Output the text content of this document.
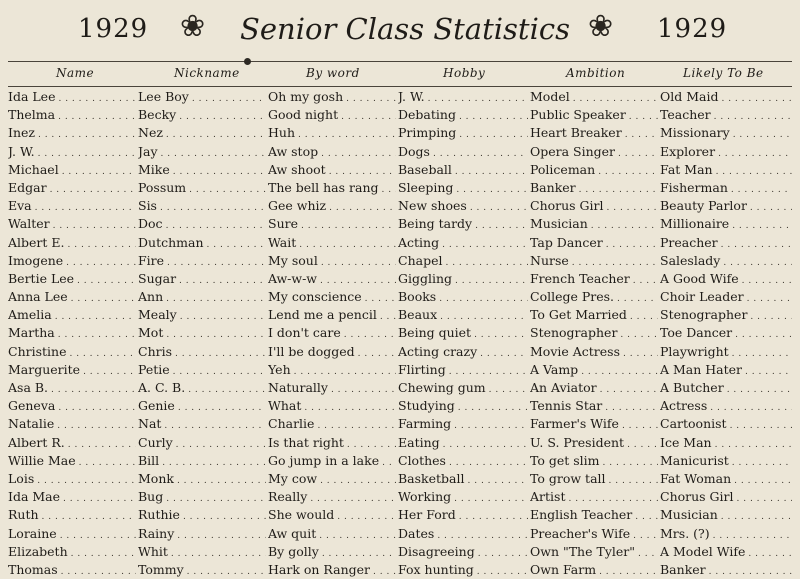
1929 ❀ Senior Class Statistics ❀ 1929
Name	Nickname	By word	Hobby	Ambition	Likely To Be
Ida Lee . . .	Lee Boy . . .	Oh my gosh . . .	J. W. . . .	Model . . .	Old Maid . . .
Thelma . . .	Becky . . .	Good night . . .	Debating . . .	Public Speaker . . .	Teacher . . .
Inez . . .	Nez . . .	Huh . . .	Primping . . .	Heart Breaker . . .	Missionary . . .
J. W. . . .	Jay . . .	Aw stop . . .	Dogs . . .	Opera Singer . . .	Explorer . . .
Michael . . .	Mike . . .	Aw shoot . . .	Baseball . . .	Policeman . . .	Fat Man . . .
Edgar . . .	Possum . . .	The bell has rang . . .	Sleeping . . .	Banker . . .	Fisherman . . .
Eva . . .	Sis . . .	Gee whiz . . .	New shoes . . .	Chorus Girl . . .	Beauty Parlor . . .
Walter . . .	Doc . . .	Sure . . .	Being tardy . . .	Musician . . .	Millionaire . . .
Albert E. . . .	Dutchman . . .	Wait . . .	Acting . . .	Tap Dancer . . .	Preacher . . .
Imogene . . .	Fire . . .	My soul . . .	Chapel . . .	Nurse . . .	Saleslady . . .
Bertie Lee . . .	Sugar . . .	Aw-w-w . . .	Giggling . . .	French Teacher . . .	A Good Wife . . .
Anna Lee . . .	Ann . . .	My conscience . . .	Books . . .	College Pres. . . .	Choir Leader . . .
Amelia . . .	Mealy . . .	Lend me a pencil . . .	Beaux . . .	To Get Married . . .	Stenographer . . .
Martha . . .	Mot . . .	I don't care . . .	Being quiet . . .	Stenographer . . .	Toe Dancer . . .
Christine . . .	Chris . . .	I'll be dogged . . .	Acting crazy . . .	Movie Actress . . .	Playwright . . .
Marguerite . . .	Petie . . .	Yeh . . .	Flirting . . .	A Vamp . . .	A Man Hater . . .
Asa B. . . .	A. C. B. . . .	Naturally . . .	Chewing gum . . .	An Aviator . . .	A Butcher . . .
Geneva . . .	Genie . . .	What . . .	Studying . . .	Tennis Star . . .	Actress . . .
Natalie . . .	Nat . . .	Charlie . . .	Farming . . .	Farmer's Wife . . .	Cartoonist . . .
Albert R. . . .	Curly . . .	Is that right . . .	Eating . . .	U. S. President . . .	Ice Man . . .
Willie Mae . . .	Bill . . .	Go jump in a lake . . .	Clothes . . .	To get slim . . .	Manicurist . . .
Lois . . .	Monk . . .	My cow . . .	Basketball . . .	To grow tall . . .	Fat Woman . . .
Ida Mae . . .	Bug . . .	Really . . .	Working . . .	Artist . . .	Chorus Girl . . .
Ruth . . .	Ruthie . . .	She would . . .	Her Ford . . .	English Teacher . . .	Musician . . .
Loraine . . .	Rainy . . .	Aw quit . . .	Dates . . .	Preacher's Wife . . .	Mrs. (?) . . .
Elizabeth . . .	Whit . . .	By golly . . .	Disagreeing . . .	Own "The Tyler" . . .	A Model Wife . . .
Thomas . . .	Tommy . . .	Hark on Ranger . . .	Fox hunting . . .	Own Farm . . .	Banker . . .
